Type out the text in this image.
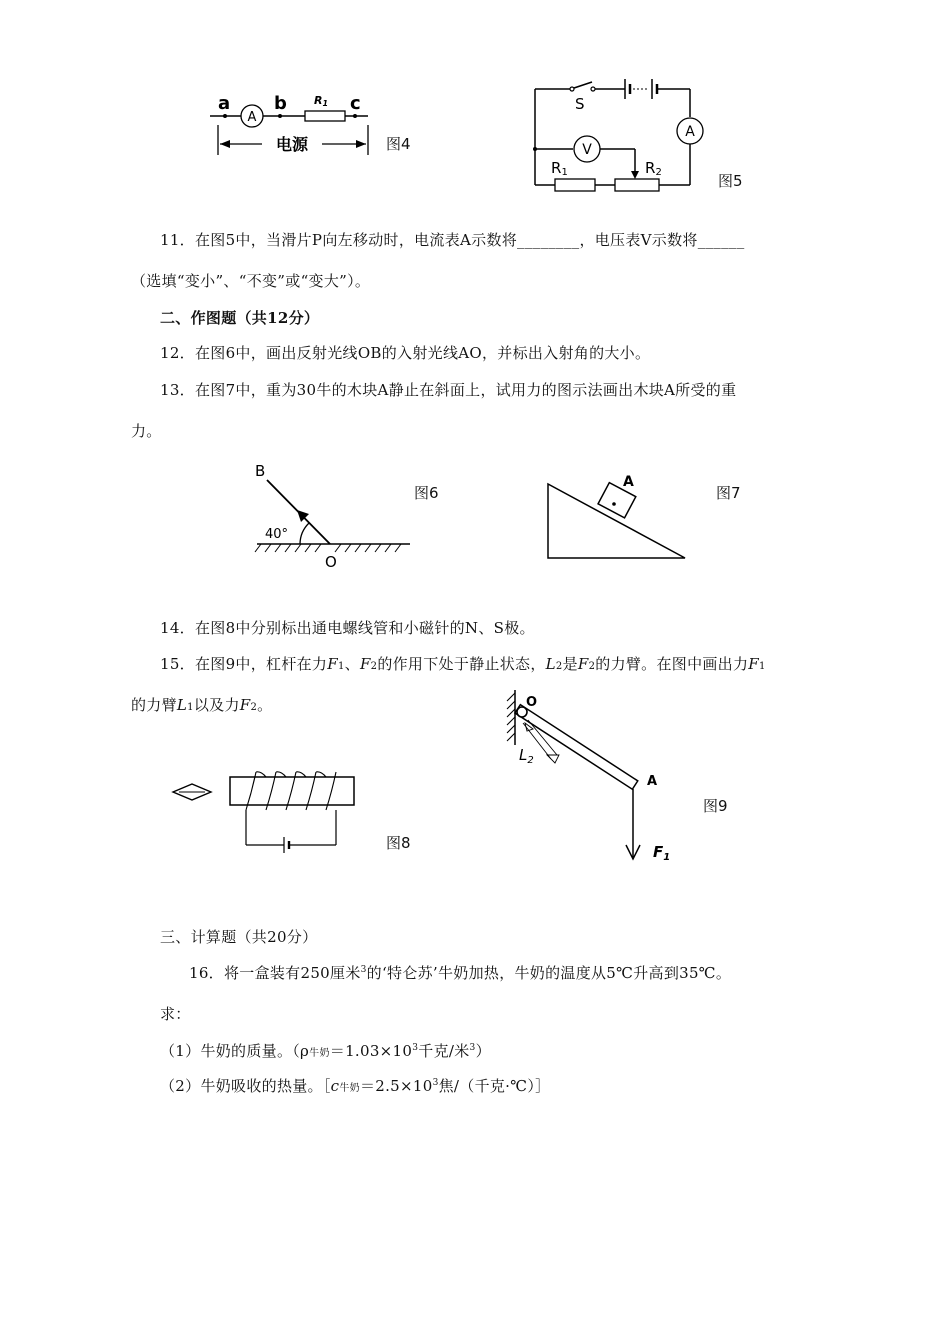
A
a b	c
R1
电源	图4
S
A
V
R1	R2	图5
11．在图5中，当滑片P向左移动时，电流表A示数将________，电压表V示数将______
（选填“变小”、“不变”或“变大”）。
二、作图题（共12分）
12．在图6中，画出反射光线OB的入射光线AO，并标出入射角的大小。
13．在图7中，重为30牛的木块A静止在斜面上，试用力的图示法画出木块A所受的重
力。
B
40°
O
图6
A
图7
14．在图8中分别标出通电螺线管和小磁针的N、S极。
15．在图9中，杠杆在力F1、F2的作用下处于静止状态，L2是F2的力臂。在图中画出力F1
的力臂L1以及力F2。
图8
O
$L_2$
A
$F_1$
图9
三、计算题（共20分）
16．将一盒装有250厘米$^3$的‘特仑苏’牛奶加热，牛奶的温度从5℃升高到35℃。
求：
（1）牛奶的质量。（ρ牛奶$=1.03\times 10^3$千克/米$^3$）
（2）牛奶吸收的热量。［c牛奶$=2.5\times 10^3$焦/（千克·℃）］
